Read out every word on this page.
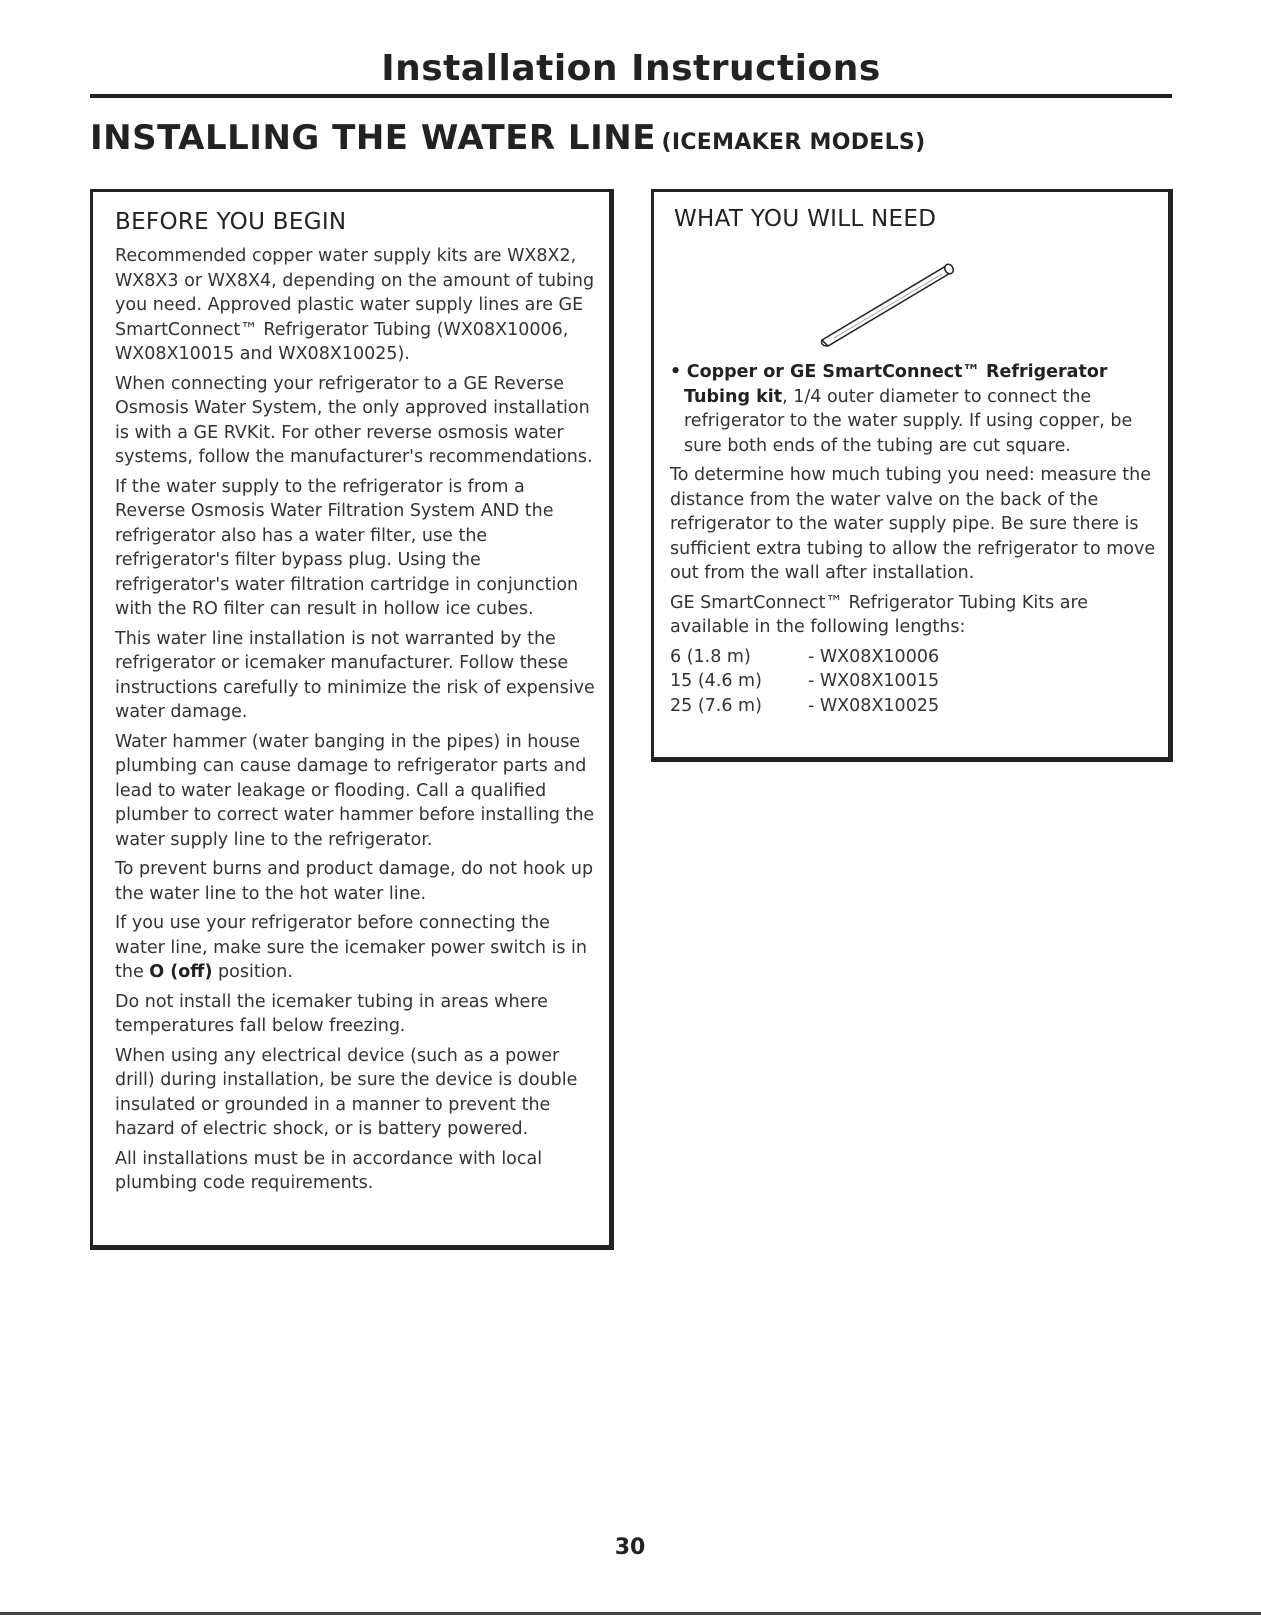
Installation Instructions
INSTALLING THE WATER LINE (ICEMAKER MODELS)
BEFORE YOU BEGIN

Recommended copper water supply kits are WX8X2, WX8X3 or WX8X4, depending on the amount of tubing you need. Approved plastic water supply lines are GE SmartConnect™ Refrigerator Tubing (WX08X10006, WX08X10015 and WX08X10025).

When connecting your refrigerator to a GE Reverse Osmosis Water System, the only approved installation is with a GE RVKit. For other reverse osmosis water systems, follow the manufacturer's recommendations.

If the water supply to the refrigerator is from a Reverse Osmosis Water Filtration System AND the refrigerator also has a water filter, use the refrigerator's filter bypass plug. Using the refrigerator's water filtration cartridge in conjunction with the RO filter can result in hollow ice cubes.

This water line installation is not warranted by the refrigerator or icemaker manufacturer. Follow these instructions carefully to minimize the risk of expensive water damage.

Water hammer (water banging in the pipes) in house plumbing can cause damage to refrigerator parts and lead to water leakage or flooding. Call a qualified plumber to correct water hammer before installing the water supply line to the refrigerator.

To prevent burns and product damage, do not hook up the water line to the hot water line.

If you use your refrigerator before connecting the water line, make sure the icemaker power switch is in the O (off) position.

Do not install the icemaker tubing in areas where temperatures fall below freezing.

When using any electrical device (such as a power drill) during installation, be sure the device is double insulated or grounded in a manner to prevent the hazard of electric shock, or is battery powered.

All installations must be in accordance with local plumbing code requirements.

WHAT YOU WILL NEED

• Copper or GE SmartConnect™ Refrigerator Tubing kit, 1/4 outer diameter to connect the refrigerator to the water supply. If using copper, be sure both ends of the tubing are cut square.

To determine how much tubing you need: measure the distance from the water valve on the back of the refrigerator to the water supply pipe. Be sure there is sufficient extra tubing to allow the refrigerator to move out from the wall after installation.

GE SmartConnect™ Refrigerator Tubing Kits are available in the following lengths:

6 (1.8 m)	- WX08X10006
15 (4.6 m)	- WX08X10015
25 (7.6 m)	- WX08X10025
30
